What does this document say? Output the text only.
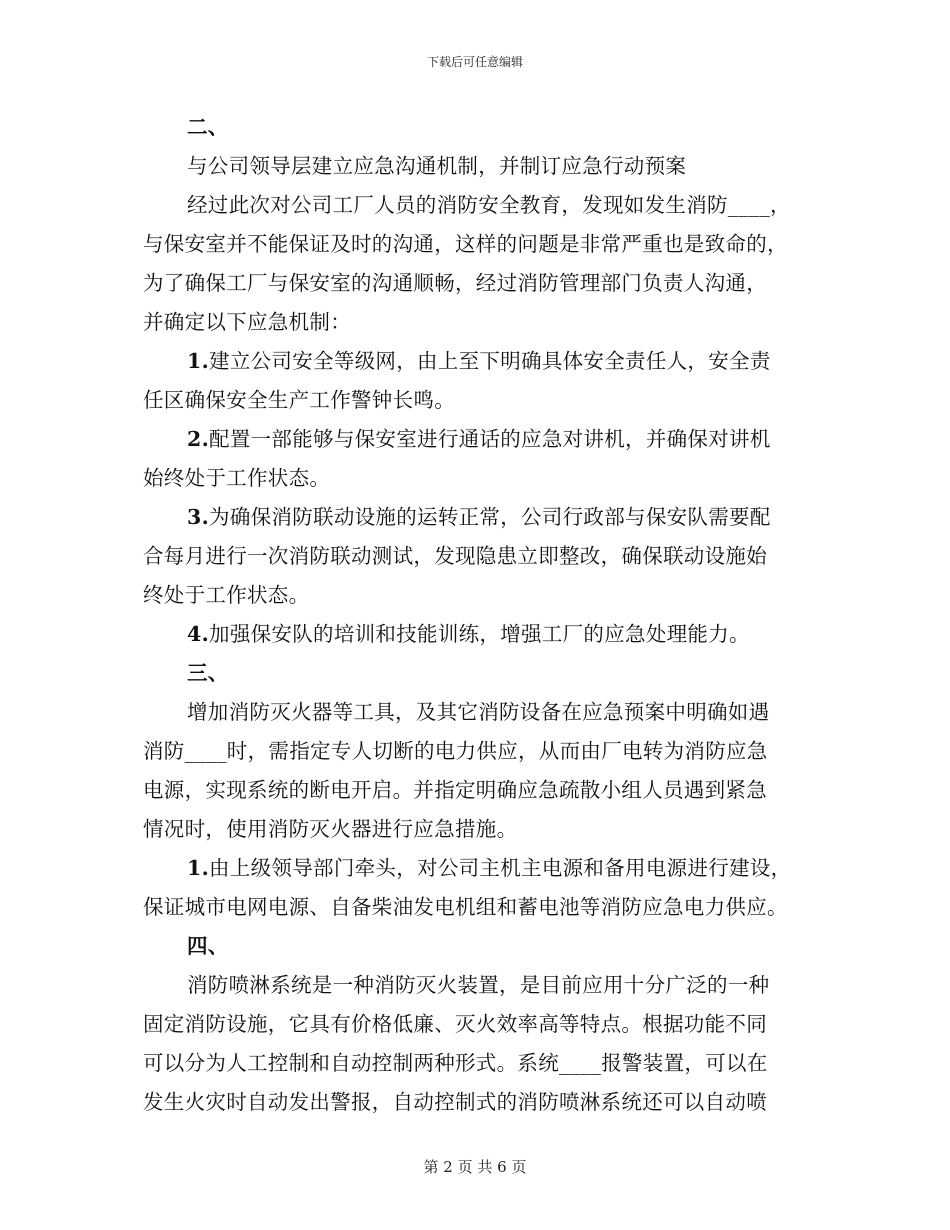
下载后可任意编辑
二、
与公司领导层建立应急沟通机制，并制订应急行动预案
经过此次对公司工厂人员的消防安全教育，发现如发生消防____，
与保安室并不能保证及时的沟通，这样的问题是非常严重也是致命的，
为了确保工厂与保安室的沟通顺畅，经过消防管理部门负责人沟通，
并确定以下应急机制：
1.建立公司安全等级网，由上至下明确具体安全责任人，安全责
任区确保安全生产工作警钟长鸣。
2.配置一部能够与保安室进行通话的应急对讲机，并确保对讲机
始终处于工作状态。
3.为确保消防联动设施的运转正常，公司行政部与保安队需要配
合每月进行一次消防联动测试，发现隐患立即整改，确保联动设施始
终处于工作状态。
4.加强保安队的培训和技能训练，增强工厂的应急处理能力。
三、
增加消防灭火器等工具，及其它消防设备在应急预案中明确如遇
消防____时，需指定专人切断的电力供应，从而由厂电转为消防应急
电源，实现系统的断电开启。并指定明确应急疏散小组人员遇到紧急
情况时，使用消防灭火器进行应急措施。
1.由上级领导部门牵头，对公司主机主电源和备用电源进行建设，
保证城市电网电源、自备柴油发电机组和蓄电池等消防应急电力供应。
四、
消防喷淋系统是一种消防灭火装置，是目前应用十分广泛的一种
固定消防设施，它具有价格低廉、灭火效率高等特点。根据功能不同
可以分为人工控制和自动控制两种形式。系统____报警装置，可以在
发生火灾时自动发出警报，自动控制式的消防喷淋系统还可以自动喷
第 2 页 共 6 页
